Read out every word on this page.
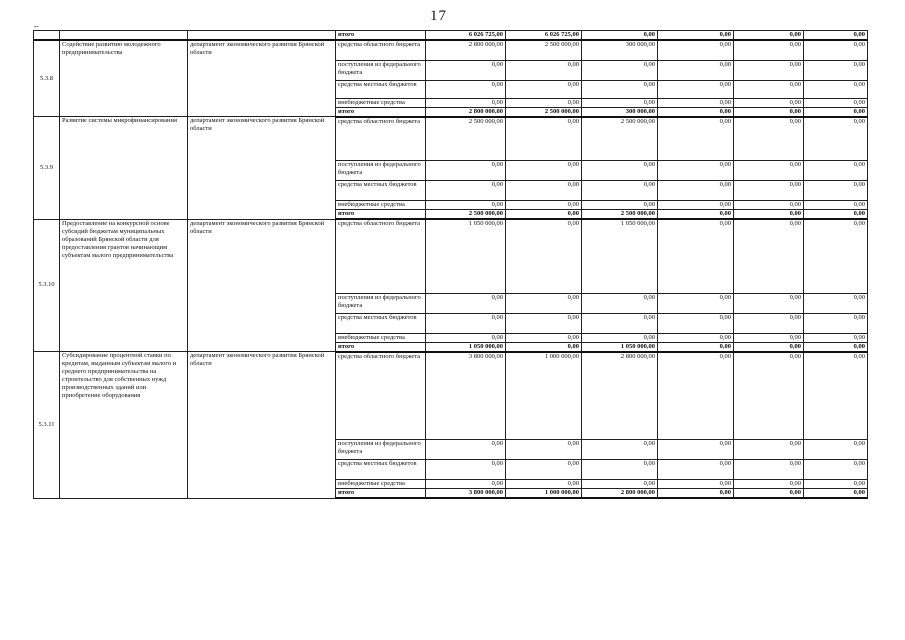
17
--
			итого	6 026 725,00	6 026 725,00	0,00	0,00	0,00	0,00
5.3.8	Содействие развитию молодежного предпринимательства	департамент экономического развития Брянской области	средства областного бюджета	2 800 000,00	2 500 000,00	300 000,00	0,00	0,00	0,00
			поступления из федерального бюджета	0,00	0,00	0,00	0,00	0,00	0,00
			средства местных бюджетов	0,00	0,00	0,00	0,00	0,00	0,00
			внебюджетные средства	0,00	0,00	0,00	0,00	0,00	0,00
			итого	2 800 000,00	2 500 000,00	300 000,00	0,00	0,00	0,00
5.3.9	Развитие системы микрофинансирования	департамент экономического развития Брянской области	средства областного бюджета	2 500 000,00	0,00	2 500 000,00	0,00	0,00	0,00
			поступления из федерального бюджета	0,00	0,00	0,00	0,00	0,00	0,00
			средства местных бюджетов	0,00	0,00	0,00	0,00	0,00	0,00
			внебюджетные средства	0,00	0,00	0,00	0,00	0,00	0,00
			итого	2 500 000,00	0,00	2 500 000,00	0,00	0,00	0,00
5.3.10	Предоставление на конкурсной основе субсидий бюджетам муниципальных образований Брянской области для предоставления грантов начинающим субъектам малого предпринимательства	департамент экономического развития Брянской области	средства областного бюджета	1 050 000,00	0,00	1 050 000,00	0,00	0,00	0,00
			поступления из федерального бюджета	0,00	0,00	0,00	0,00	0,00	0,00
			средства местных бюджетов	0,00	0,00	0,00	0,00	0,00	0,00
			внебюджетные средства	0,00	0,00	0,00	0,00	0,00	0,00
			итого	1 050 000,00	0,00	1 050 000,00	0,00	0,00	0,00
5.3.11	Субсидирование процентной ставки по кредитам, выданным субъектам малого и среднего предпринимательства на строительство для собственных нужд производственных зданий или приобретение оборудования	департамент экономического развития Брянской области	средства областного бюджета	3 800 000,00	1 000 000,00	2 800 000,00	0,00	0,00	0,00
			поступления из федерального бюджета	0,00	0,00	0,00	0,00	0,00	0,00
			средства местных бюджетов	0,00	0,00	0,00	0,00	0,00	0,00
			внебюджетные средства	0,00	0,00	0,00	0,00	0,00	0,00
			итого	3 800 000,00	1 000 000,00	2 800 000,00	0,00	0,00	0,00
